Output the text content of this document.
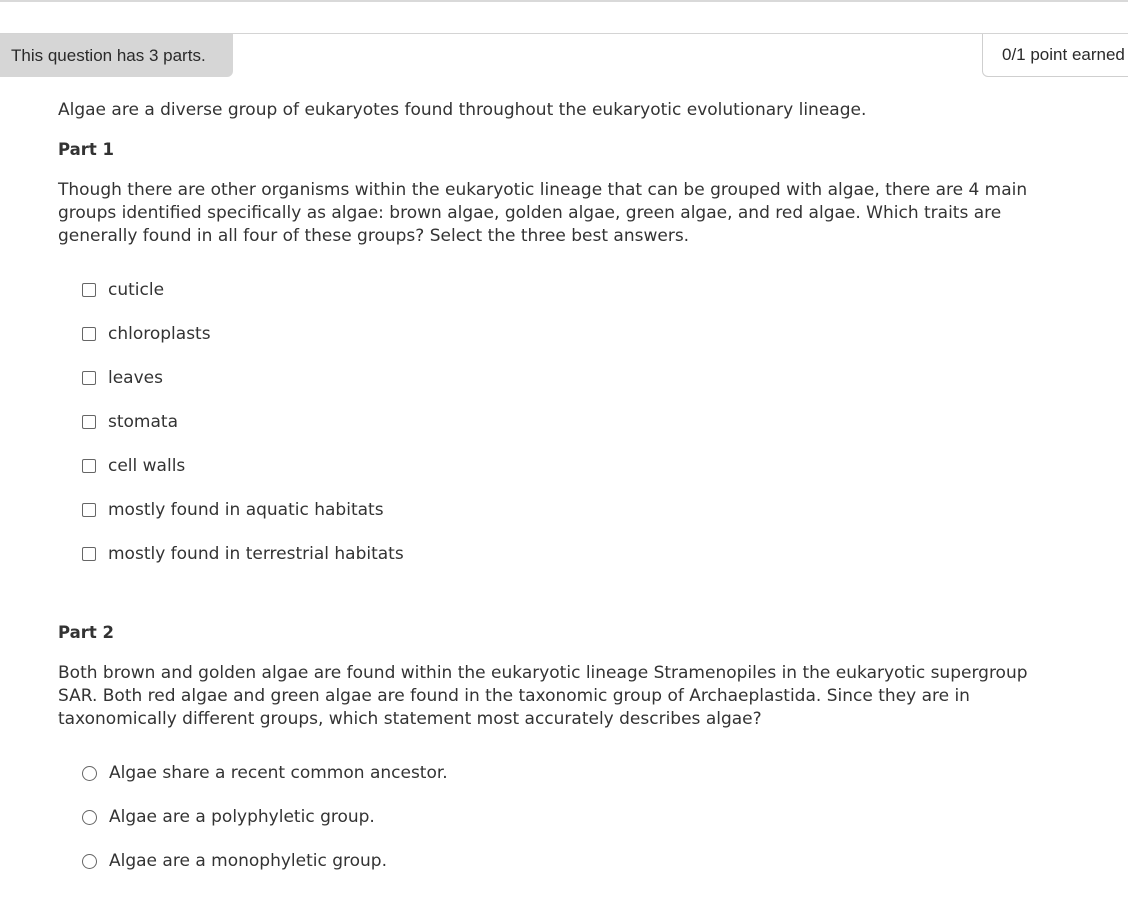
This question has 3 parts.	0/1 point earned
Algae are a diverse group of eukaryotes found throughout the eukaryotic evolutionary lineage.
Part 1
Though there are other organisms within the eukaryotic lineage that can be grouped with algae, there are 4 main groups identified specifically as algae: brown algae, golden algae, green algae, and red algae. Which traits are generally found in all four of these groups? Select the three best answers.
cuticle
chloroplasts
leaves
stomata
cell walls
mostly found in aquatic habitats
mostly found in terrestrial habitats
Part 2
Both brown and golden algae are found within the eukaryotic lineage Stramenopiles in the eukaryotic supergroup SAR. Both red algae and green algae are found in the taxonomic group of Archaeplastida. Since they are in taxonomically different groups, which statement most accurately describes algae?
Algae share a recent common ancestor.
Algae are a polyphyletic group.
Algae are a monophyletic group.
